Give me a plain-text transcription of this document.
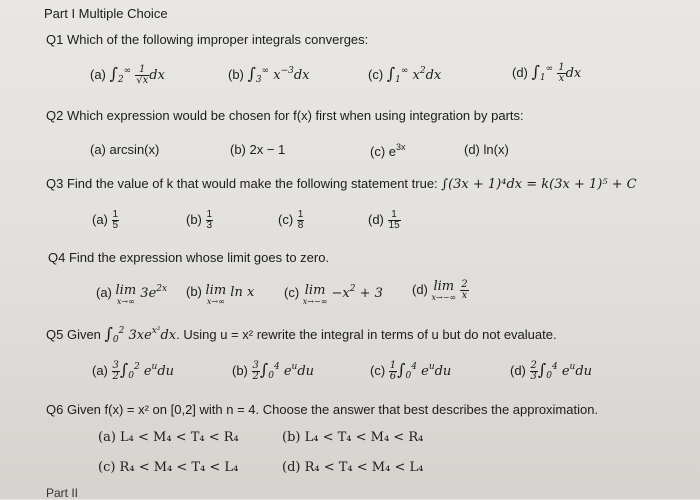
Part I Multiple Choice
Q1 Which of the following improper integrals converges:
(a) $\int_2^\infty \frac{1}{√x}$ dx	(b) $\int_3^\infty$ $x^{-3}dx$	(c) $\int_1^\infty$ $x^2dx$	(d) $\int_1^\infty \frac{1}{x}$ dx
Q2 Which expression would be chosen for f(x) first when using integration by parts:
(a) arcsin(x)	(b) 2x − 1	(c) $e^{3x}$	(d) ln(x)
Q3 Find the value of k that would make the following statement true: ∫(3x + 1)⁴dx = k(3x + 1)⁵ + C
$(a) \frac{1}{5}$	$(b) \frac{1}{3}$	$(c) \frac{1}{8}$	$(d) \frac{1}{15}$
Q4 Find the expression whose limit goes to zero.
(a) lim
x→∞
$3e^{2x}$ (b) lim
x→∞
ln x (c) lim
x→−∞
$-x^2 + 3$ (d) lim
x→−∞
$\frac{2}{x}$
Q5 Given $\int_0^2$ $3xe^{x^2}dx$. Using u = x² rewrite the integral in terms of u but do not evaluate.
$(a) \frac{3}{2} \int_0^2$ $e^udu$	$(b) \frac{3}{2} \int_0^4$ $e^udu$	$(c) \frac{1}{6} \int_0^4$ $e^udu$	$(d) \frac{2}{3} \int_0^4$ $e^udu$
Q6 Given f(x) = x² on [0,2] with n = 4. Choose the answer that best describes the approximation.
(a) L₄ < M₄ < T₄ < R₄	(b) L₄ < T₄ < M₄ < R₄
(c) R₄ < M₄ < T₄ < L₄	(d) R₄ < T₄ < M₄ < L₄
Part II
